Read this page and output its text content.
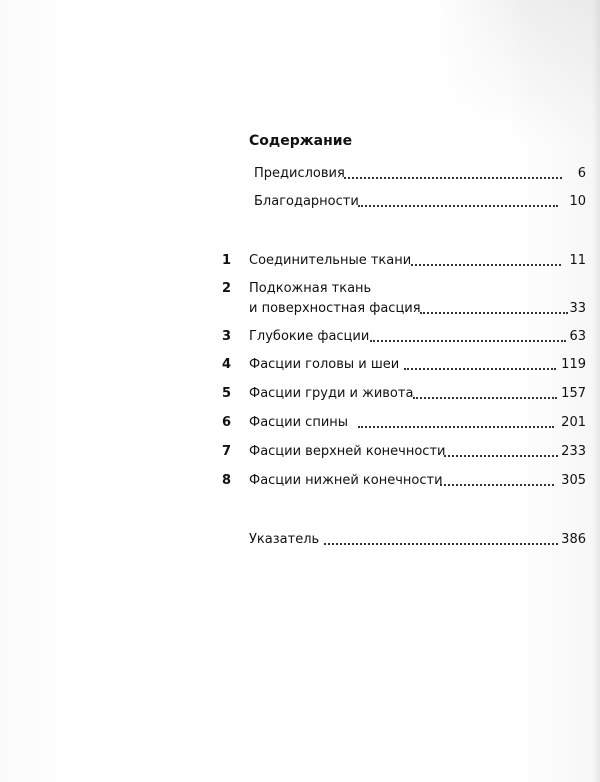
Содержание
Предисловия	6
Благодарности	10
1	Соединительные ткани	11
2	Подкожная ткань
и поверхностная фасция	33
3	Глубокие фасции	63
4	Фасции головы и шеи	119
5	Фасции груди и живота	157
6	Фасции спины	201
7	Фасции верхней конечности	233
8	Фасции нижней конечности	305
Указатель	386
